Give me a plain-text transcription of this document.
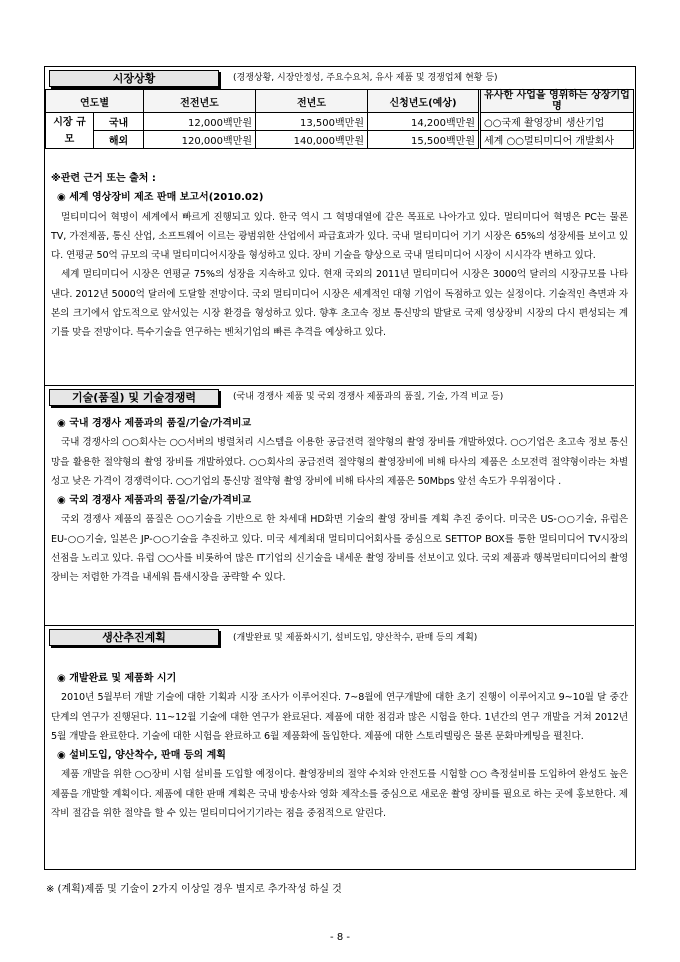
시장상황	(경쟁상황, 시장안정성, 주요수요처, 유사 제품 및 경쟁업체 현황 등)
연도별		전전년도	전년도	신청년도(예상)	유사한 사업을 영위하는 상장기업명
시장 규모	국내	12,000백만원	13,500백만원	14,200백만원	○○국제 촬영장비 생산기업
	해외	120,000백만원	140,000백만원	15,500백만원	세계 ○○멀티미디어 개발회사

※관련 근거 또는 출처 :

◉ 세계 영상장비 제조 판매 보고서(2010.02)

멀티미디어 혁명이 세계에서 빠르게 진행되고 있다. 한국 역시 그 혁명대열에 같은 목표로 나아가고 있다. 멀티미디어 혁명은 PC는 물론 TV, 가전제품, 통신 산업, 소프트웨어 이르는 광범위한 산업에서 파급효과가 있다. 국내 멀티미디어 기기 시장은 65%의 성장세를 보이고 있다. 연평균 50억 규모의 국내 멀티미디어시장을 형성하고 있다. 장비 기술을 향상으로 국내 멀티미디어 시장이 시시각각 변하고 있다.

세계 멀티미디어 시장은 연평균 75%의 성장을 지속하고 있다. 현재 국외의 2011년 멀티미디어 시장은 3000억 달러의 시장규모를 나타낸다. 2012년 5000억 달러에 도달할 전망이다. 국외 멀티미디어 시장은 세계적인 대형 기업이 독점하고 있는 실정이다. 기술적인 측면과 자본의 크기에서 압도적으로 앞서있는 시장 환경을 형성하고 있다. 향후 초고속 정보 통신망의 발달로 국제 영상장비 시장의 다시 편성되는 계기를 맞을 전망이다. 특수기술을 연구하는 벤처기업의 빠른 추격을 예상하고 있다.

기술(품질) 및 기술경쟁력	(국내 경쟁사 제품 및 국외 경쟁사 제품과의 품질, 기술, 가격 비교 등)

◉ 국내 경쟁사 제품과의 품질/기술/가격비교

국내 경쟁사의 ○○회사는 ○○서버의 병렬처리 시스템을 이용한 공급전력 절약형의 촬영 장비를 개발하였다. ○○기업은 초고속 정보 통신망을 활용한 절약형의 촬영 장비를 개발하였다. ○○회사의 공급전력 절약형의 촬영장비에 비해 타사의 제품은 소모전력 절약형이라는 차별성고 낮은 가격이 경쟁력이다. ○○기업의 통신망 절약형 촬영 장비에 비해 타사의 제품은 50Mbps 앞선 속도가 우위점이다 .

◉ 국외 경쟁사 제품과의 품질/기술/가격비교

국외 경쟁사 제품의 품질은 ○○기술을 기반으로 한 차세대 HD화면 기술의 촬영 장비를 계획 추진 중이다. 미국은 US-○○기술, 유럽은 EU-○○기술, 일본은 JP-○○기술을 추진하고 있다. 미국 세계최대 멀티미디어회사를 중심으로 SETTOP BOX를 통한 멀티미디어 TV시장의 선점을 노리고 있다. 유럽 ○○사를 비롯하여 많은 IT기업의 신기술을 내세운 촬영 장비를 선보이고 있다. 국외 제품과 행복멀티미디어의 촬영장비는 저렴한 가격을 내세워 틈새시장을 공략할 수 있다.

생산추진계획	(개발완료 및 제품화시기, 설비도입, 양산착수, 판매 등의 계획)

◉ 개발완료 및 제품화 시기

2010년 5월부터 개발 기술에 대한 기획과 시장 조사가 이루어진다. 7~8월에 연구개발에 대한 초기 진행이 이루어지고 9~10월 달 중간단계의 연구가 진행된다. 11~12월 기술에 대한 연구가 완료된다. 제품에 대한 점검과 많은 시험을 한다. 1년간의 연구 개발을 거쳐 2012년 5월 개발을 완료한다. 기술에 대한 시험을 완료하고 6월 제품화에 돌입한다. 제품에 대한 스토리텔링은 물론 문화마케팅을 펼친다.

◉ 설비도입, 양산착수, 판매 등의 계획

제품 개발을 위한 ○○장비 시험 설비를 도입할 예정이다. 촬영장비의 절약 수치와 안전도를 시험할 ○○ 측정설비를 도입하여 완성도 높은 제품을 개발할 계획이다. 제품에 대한 판매 계획은 국내 방송사와 영화 제작소를 중심으로 새로운 촬영 장비를 필요로 하는 곳에 홍보한다. 제작비 절감을 위한 절약을 할 수 있는 멀티미디어기기라는 점을 중점적으로 알린다.

※ (계획)제품 및 기술이 2가지 이상일 경우 별지로 추가작성 하실 것
- 8 -
